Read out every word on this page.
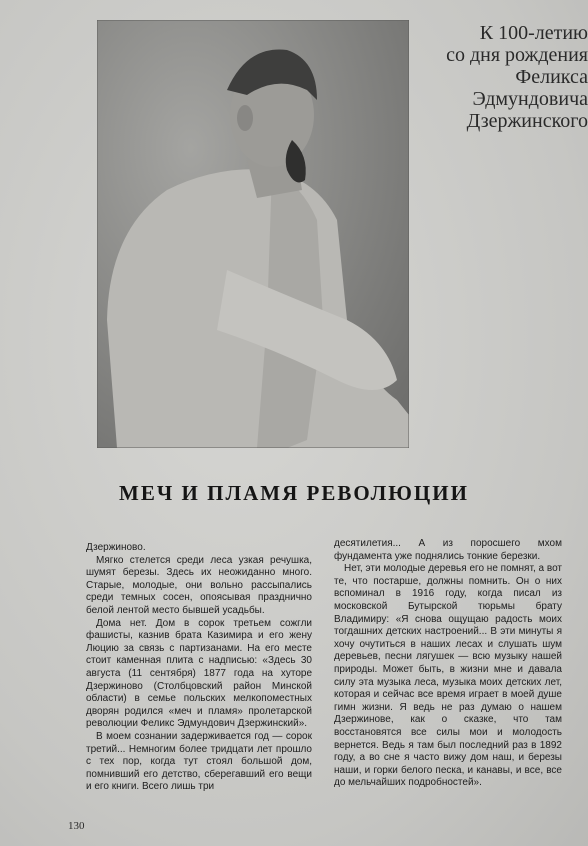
К 100-летию
со дня рождения
Феликса
Эдмундовича
Дзержинского
МЕЧ И ПЛАМЯ РЕВОЛЮЦИИ

Дзержиново.

Мягко стелется среди леса узкая речушка, шумят березы. Здесь их неожиданно много. Старые, молодые, они вольно рассыпались среди темных сосен, опоясывая празднично белой лентой место бывшей усадьбы.

Дома нет. Дом в сорок третьем сожгли фашисты, казнив брата Казимира и его жену Люцию за связь с партизанами. На его месте стоит каменная плита с надписью: «Здесь 30 августа (11 сентября) 1877 года на хуторе Дзержиново (Столбцовский район Минской области) в семье польских мелкопоместных дворян родился «меч и пламя» пролетарской революции Феликс Эдмундович Дзержинский».

В моем сознании задерживается год — сорок третий... Немногим более тридцати лет прошло с тех пор, когда тут стоял большой дом, помнивший его детство, сберегавший его вещи и его книги. Всего лишь три

десятилетия... А из поросшего мхом фундамента уже поднялись тонкие березки.

Нет, эти молодые деревья его не помнят, а вот те, что постарше, должны помнить. Он о них вспоминал в 1916 году, когда писал из московской Бутырской тюрьмы брату Владимиру: «Я снова ощущаю радость моих тогдашних детских настроений... В эти минуты я хочу очутиться в наших лесах и слушать шум деревьев, песни лягушек — всю музыку нашей природы. Может быть, в жизни мне и давала силу эта музыка леса, музыка моих детских лет, которая и сейчас все время играет в моей душе гимн жизни. Я ведь не раз думаю о нашем Дзержинове, как о сказке, что там восстановятся все силы мои и молодость вернется. Ведь я там был последний раз в 1892 году, а во сне я часто вижу дом наш, и березы наши, и горки белого песка, и канавы, и все, все до мельчайших подробностей».

130
